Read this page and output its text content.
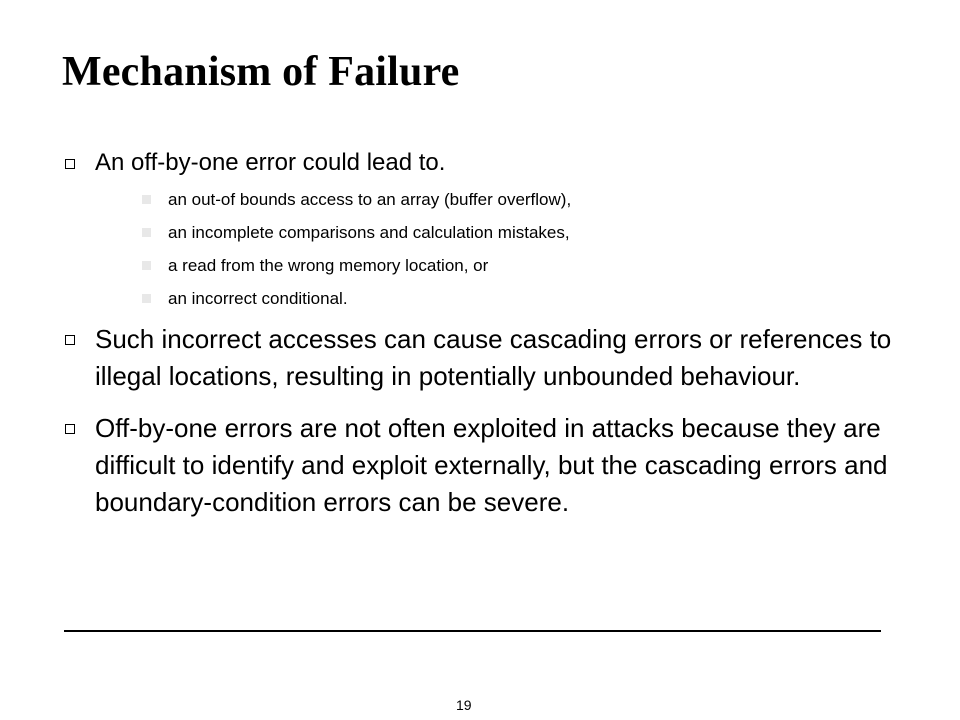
Mechanism of Failure
An off-by-one error could lead to.
an out-of bounds access to an array (buffer overflow),
an incomplete comparisons and calculation mistakes,
a read from the wrong memory location, or
an incorrect conditional.
Such incorrect accesses can cause cascading errors or references to illegal locations, resulting in potentially unbounded behaviour.
Off-by-one errors are not often exploited in attacks because they are difficult to identify and exploit externally, but the cascading errors and boundary-condition errors can be severe.
19
